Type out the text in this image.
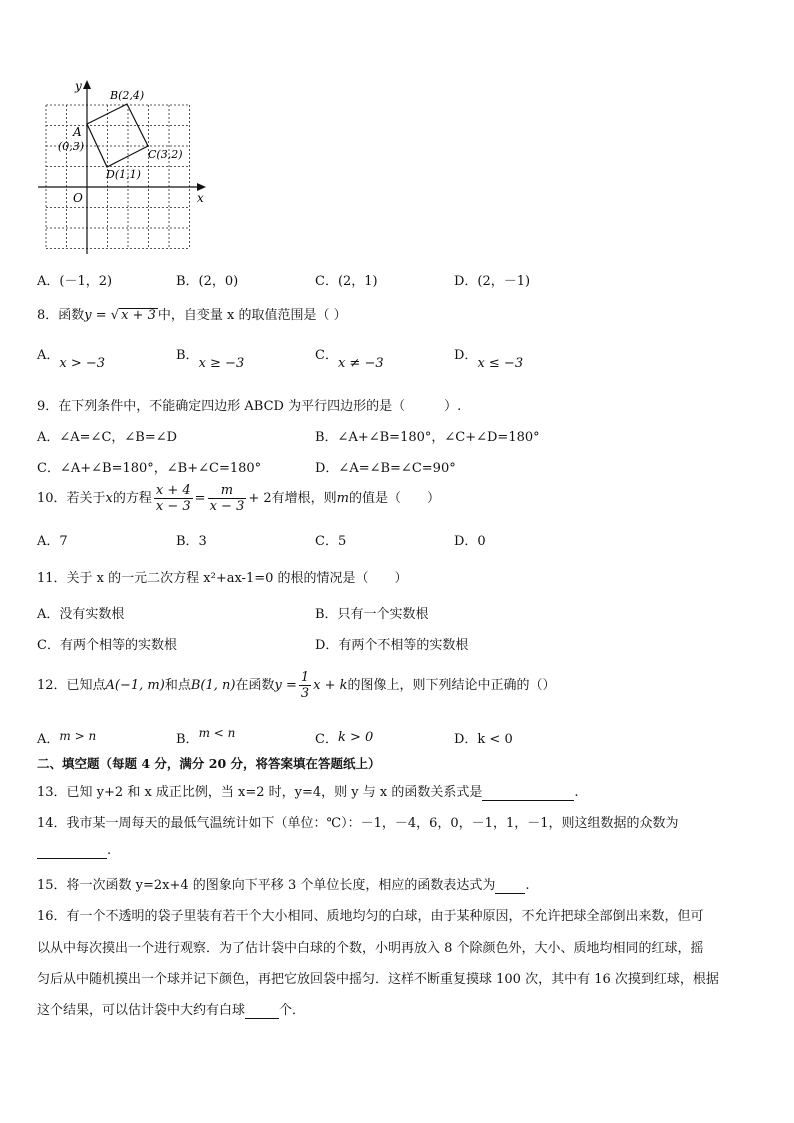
x
y
O
A
(0,3)
B(2,4)
C(3,2)
D(1,1)
A．(－1，2)	B．(2，0)	C．(2，1)	D．(2，－1)
8．函数y = √ x + 3 中，自变量 x 的取值范围是（ ）
A．x > −3
B．x ≥ −3
C．x ≠ −3
D．x ≤ −3
9．在下列条件中，不能确定四边形 ABCD 为平行四边形的是（　　　）.
A．∠A=∠C，∠B=∠D	B．∠A+∠B=180°，∠C+∠D=180°
C．∠A+∠B=180°，∠B+∠C=180°	D．∠A=∠B=∠C=90°
10．若关于x的方程 $\frac{x + 4}{x - 3} = \frac{m}{x - 3} + 2$有增根，则m的值是（　　）
A．7	B．3	C．5	D．0
11．关于 x 的一元二次方程 x²+ax-1=0 的根的情况是（　　）
A．没有实数根	B．只有一个实数根
C．有两个相等的实数根	D．有两个不相等的实数根
12．已知点A(−1, m)和点B(1, n)在函数$y = \frac{1}{3}$ x + k的图像上，则下列结论中正确的（）
A．m > n	B．m < n	C．k > 0	D．k < 0
二、填空题（每题 4 分，满分 20 分，将答案填在答题纸上）
13．已知 y+2 和 x 成正比例，当 x=2 时，y=4，则 y 与 x 的函数关系式是	.
14．我市某一周每天的最低气温统计如下（单位：℃）：－1，－4，6，0，－1，1，－1，则这组数据的众数为
.
15．将一次函数 y=2x+4 的图象向下平移 3 个单位长度，相应的函数表达式为 .
16．有一个不透明的袋子里装有若干个大小相同、质地均匀的白球，由于某种原因，不允许把球全部倒出来数，但可
以从中每次摸出一个进行观察．为了估计袋中白球的个数，小明再放入 8 个除颜色外，大小、质地均相同的红球，摇
匀后从中随机摸出一个球并记下颜色，再把它放回袋中摇匀．这样不断重复摸球 100 次，其中有 16 次摸到红球，根据
这个结果，可以估计袋中大约有白球	个．
